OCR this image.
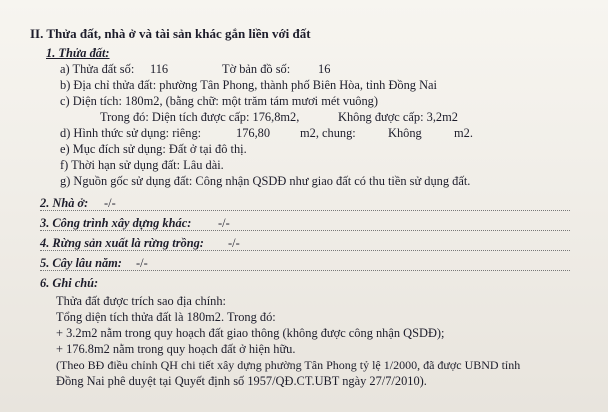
II. Thửa đất, nhà ở và tài sản khác gắn liền với đất
1. Thửa đất:
a) Thửa đất số: 116	Tờ bản đồ số: 16
b) Địa chỉ thửa đất: phường Tân Phong, thành phố Biên Hòa, tỉnh Đồng Nai
c) Diện tích: 180m2, (bằng chữ: một trăm tám mươi mét vuông)
Trong đó: Diện tích được cấp: 176,8m2,	Không được cấp: 3,2m2
d) Hình thức sử dụng: riêng:	176,80 m2, chung:	Không	m2.
e) Mục đích sử dụng: Đất ở tại đô thị.
f) Thời hạn sử dụng đất: Lâu dài.
g) Nguồn gốc sử dụng đất: Công nhận QSDĐ như giao đất có thu tiền sử dụng đất.
2. Nhà ở: -/-
3. Công trình xây dựng khác: -/-
4. Rừng sản xuất là rừng trồng: -/-
5. Cây lâu năm: -/-
6. Ghi chú:
Thửa đất được trích sao địa chính:
Tổng diện tích thửa đất là 180m2. Trong đó:
+ 3.2m2 nằm trong quy hoạch đất giao thông (không được công nhận QSDĐ);
+ 176.8m2 nằm trong quy hoạch đất ở hiện hữu.
(Theo BĐ điều chỉnh QH chi tiết xây dựng phường Tân Phong tỷ lệ 1/2000, đã được UBND tỉnh
Đồng Nai phê duyệt tại Quyết định số 1957/QĐ.CT.UBT ngày 27/7/2010).
